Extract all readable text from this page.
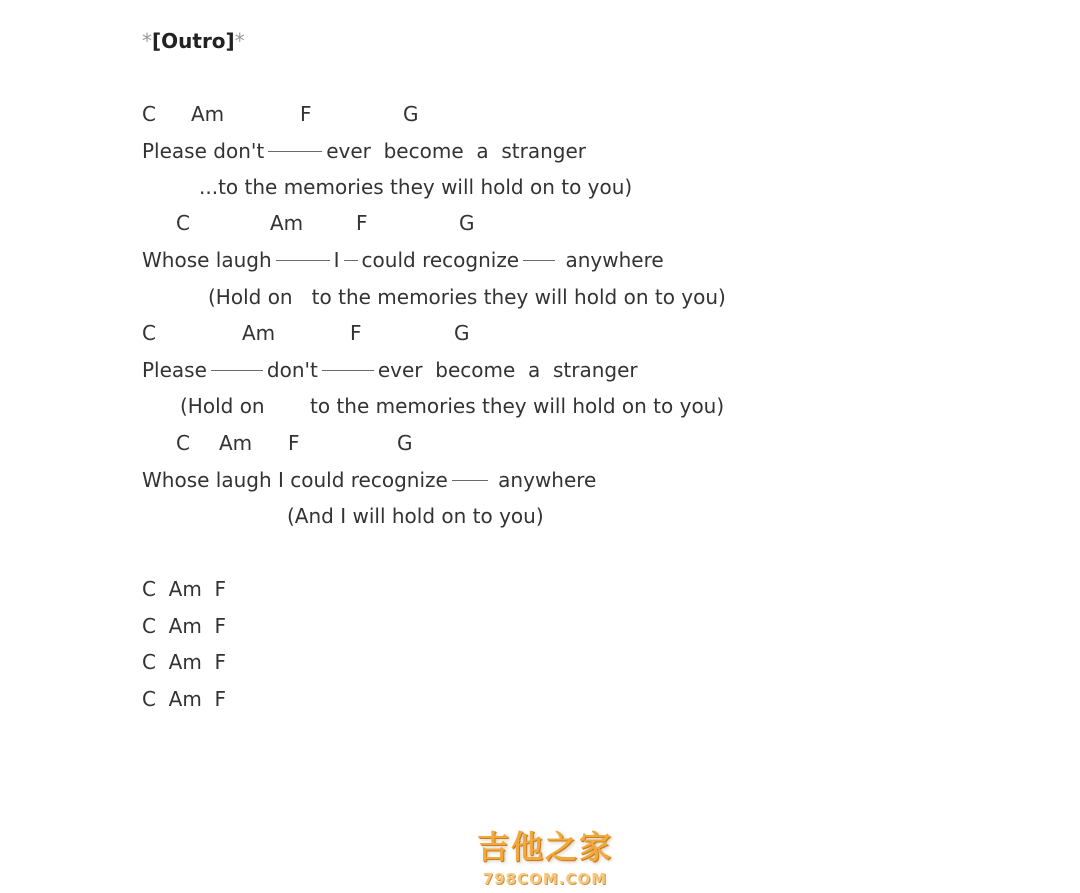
*[Outro]*
C Am	F	G
Please don't	ever become a stranger
...to the memories they will hold on to you)
C	Am	F	G
Whose laugh	I could recognize anywhere
(Hold on   to the memories they will hold on to you)
C	Am	F	G
Please	don't	ever become a stranger
(Hold on to the memories they will hold on to you)
C Am F	G
Whose laugh I could recognize	anywhere
(And I will hold on to you)
C  Am  F
C  Am  F
C  Am  F
C  Am  F
吉他之家
798COM.COM
